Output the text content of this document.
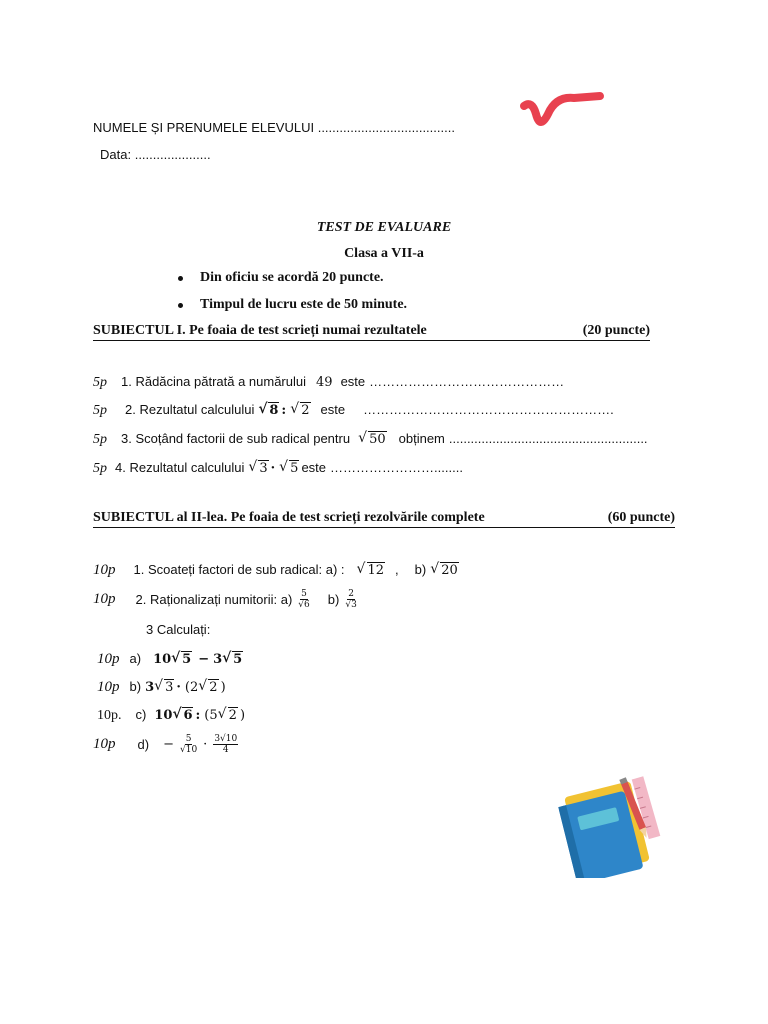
NUMELE ȘI PRENUMELE ELEVULUI ......................................
Data: .....................
TEST DE EVALUARE
Clasa a VII-a
Din oficiu se acordă 20 puncte.
Timpul de lucru este de 50 minute.
SUBIECTUL I. Pe foaia de test scrieți numai rezultatele	(20 puncte)
5p 1. Rădăcina pătrată a numărului 49 este ………………………………………
5p 2. Rezultatul calculului √ 8 : √ 2 este ………………………………………………….
5p 3. Scoțând factorii de sub radical pentru √ 50 obținem .......................................................
5p 4. Rezultatul calculului √ 3 · √ 5 este ……………………........
SUBIECTUL al II-lea. Pe foaia de test scrieți rezolvările complete	(60 puncte)
10p 1. Scoateți factori de sub radical: a) : √ 12 , b) √ 20
10p 2. Raționalizați numitorii: $a) \frac{5}{√6} b) \frac{2}{√3}$
3 Calculați:
10p a) 10 √ 5 − 3 √ 5
10p b) 3 √ 3 · (2 √ 2 )
10p. c) 10 √ 6 : (5 √ 2 )
10p $d) - \frac{5}{√10} \cdot \frac{3√10}{4}$
